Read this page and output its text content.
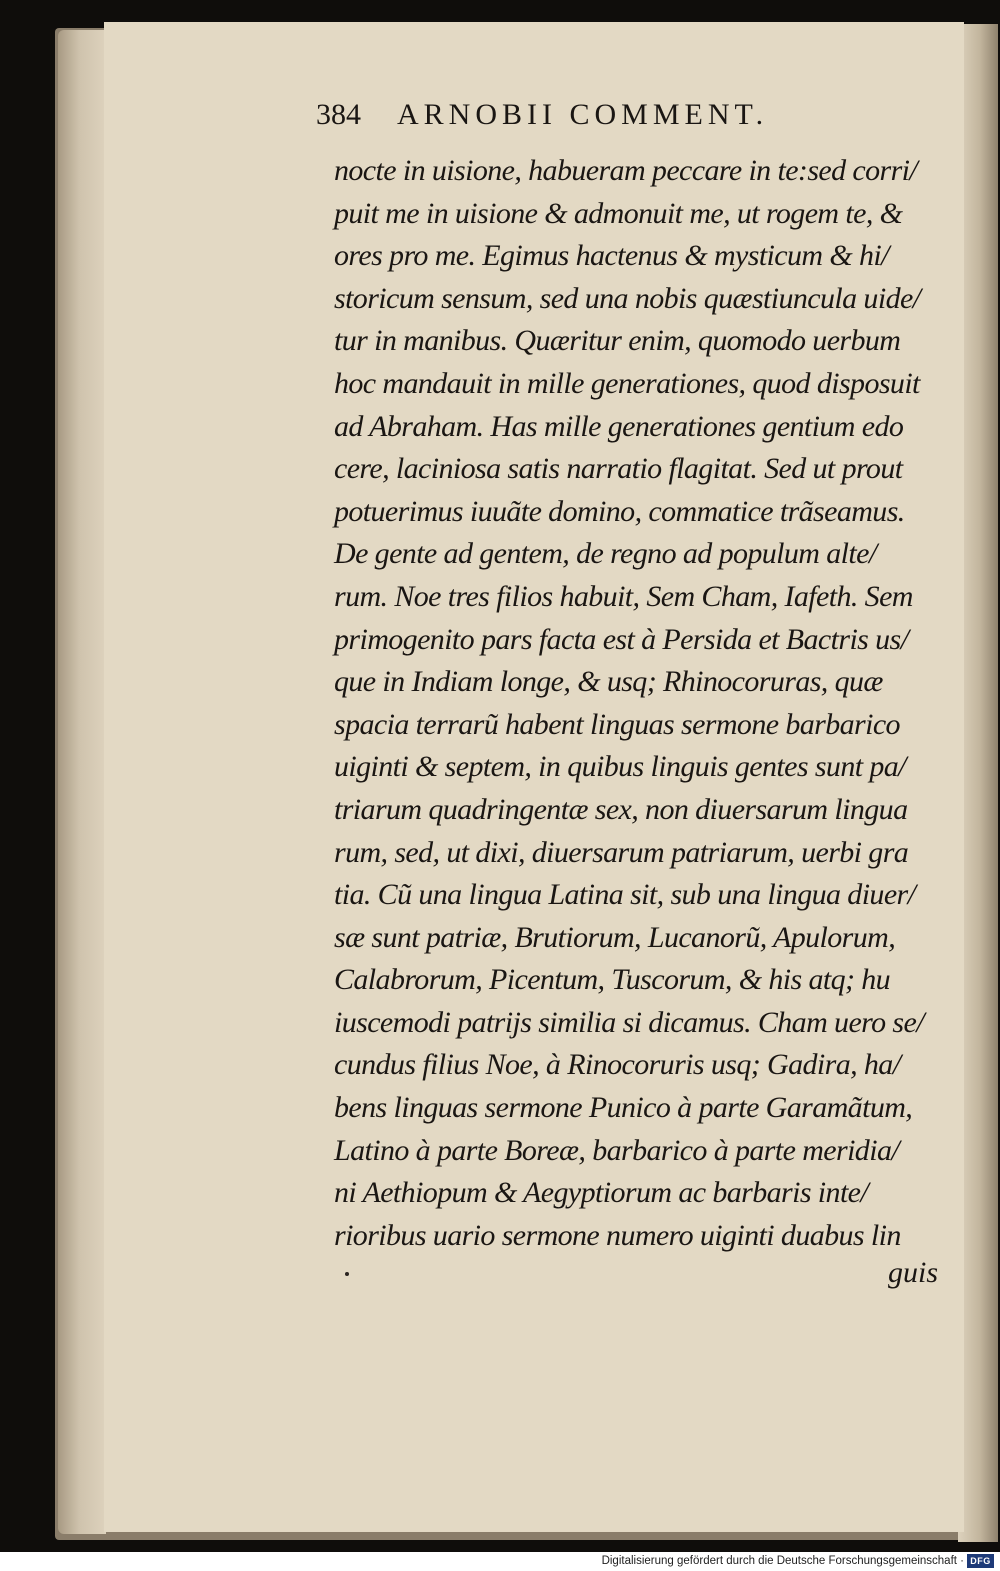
384 ARNOBII COMMENT.
nocte in uisione, habueram peccare in te:sed corri/
puit me in uisione & admonuit me, ut rogem te, &
ores pro me. Egimus hactenus & mysticum & hi/
storicum sensum, sed una nobis quæstiuncula uide/
tur in manibus. Quæritur enim, quomodo uerbum
hoc mandauit in mille generationes, quod disposuit
ad Abraham. Has mille generationes gentium edo
cere, laciniosa satis narratio flagitat. Sed ut prout
potuerimus iuuãte domino, commatice trãseamus.
De gente ad gentem, de regno ad populum alte/
rum. Noe tres filios habuit, Sem Cham, Iafeth. Sem
primogenito pars facta est à Persida et Bactris us/
que in Indiam longe, & usq; Rhinocoruras, quæ
spacia terrarũ habent linguas sermone barbarico
uiginti & septem, in quibus linguis gentes sunt pa/
triarum quadringentæ sex, non diuersarum lingua
rum, sed, ut dixi, diuersarum patriarum, uerbi gra
tia. Cũ una lingua Latina sit, sub una lingua diuer/
sæ sunt patriæ, Brutiorum, Lucanorũ, Apulorum,
Calabrorum, Picentum, Tuscorum, & his atq; hu
iuscemodi patrijs similia si dicamus. Cham uero se/
cundus filius Noe, à Rinocoruris usq; Gadira, ha/
bens linguas sermone Punico à parte Garamãtum,
Latino à parte Boreæ, barbarico à parte meridia/
ni Aethiopum & Aegyptiorum ac barbaris inte/
rioribus uario sermone numero uiginti duabus lin
guis
Digitalisierung gefördert durch die Deutsche Forschungsgemeinschaft · DFG
